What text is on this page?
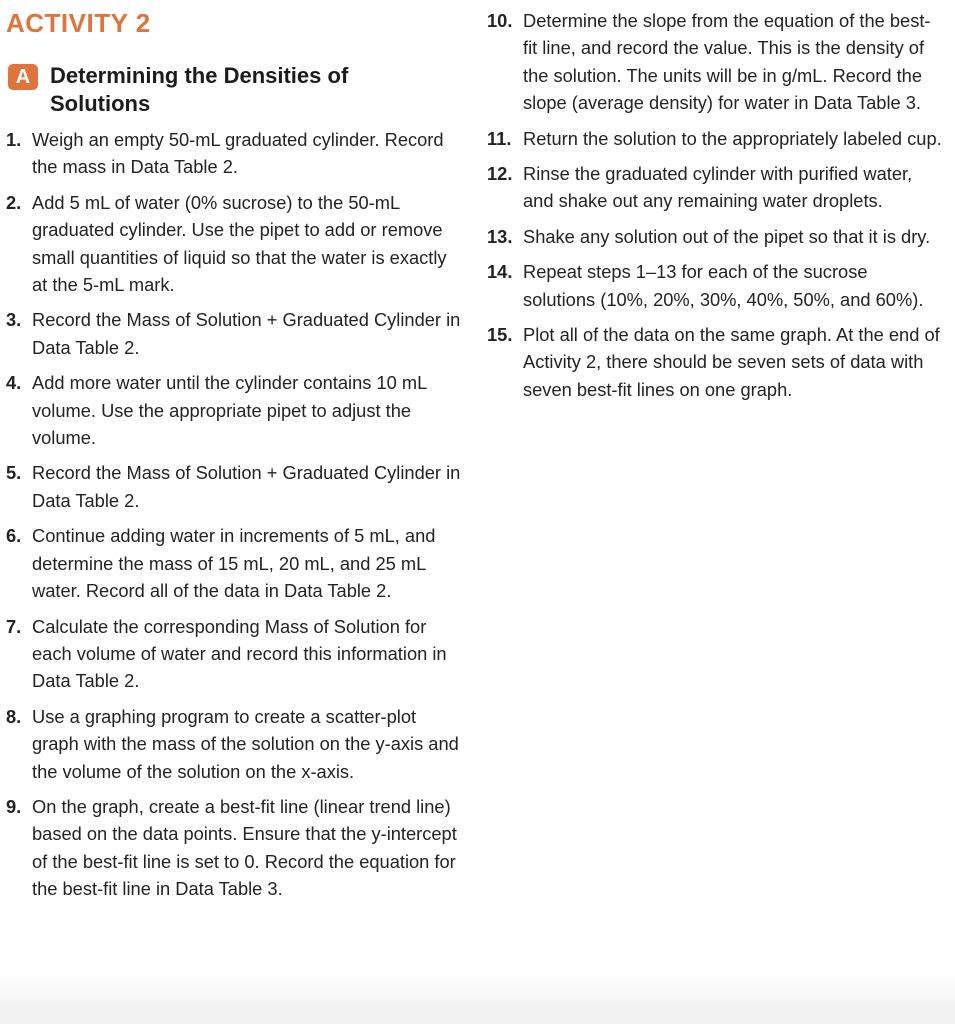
ACTIVITY 2
A Determining the Densities of Solutions
1. Weigh an empty 50-mL graduated cylinder. Record the mass in Data Table 2.
2. Add 5 mL of water (0% sucrose) to the 50-mL graduated cylinder. Use the pipet to add or remove small quantities of liquid so that the water is exactly at the 5-mL mark.
3. Record the Mass of Solution + Graduated Cylinder in Data Table 2.
4. Add more water until the cylinder contains 10 mL volume. Use the appropriate pipet to adjust the volume.
5. Record the Mass of Solution + Graduated Cylinder in Data Table 2.
6. Continue adding water in increments of 5 mL, and determine the mass of 15 mL, 20 mL, and 25 mL water. Record all of the data in Data Table 2.
7. Calculate the corresponding Mass of Solution for each volume of water and record this information in Data Table 2.
8. Use a graphing program to create a scatter-plot graph with the mass of the solution on the y-axis and the volume of the solution on the x-axis.
9. On the graph, create a best-fit line (linear trend line) based on the data points. Ensure that the y-intercept of the best-fit line is set to 0. Record the equation for the best-fit line in Data Table 3.
10. Determine the slope from the equation of the best-fit line, and record the value. This is the density of the solution. The units will be in g/mL. Record the slope (average density) for water in Data Table 3.
11. Return the solution to the appropriately labeled cup.
12. Rinse the graduated cylinder with purified water, and shake out any remaining water droplets.
13. Shake any solution out of the pipet so that it is dry.
14. Repeat steps 1–13 for each of the sucrose solutions (10%, 20%, 30%, 40%, 50%, and 60%).
15. Plot all of the data on the same graph. At the end of Activity 2, there should be seven sets of data with seven best-fit lines on one graph.
